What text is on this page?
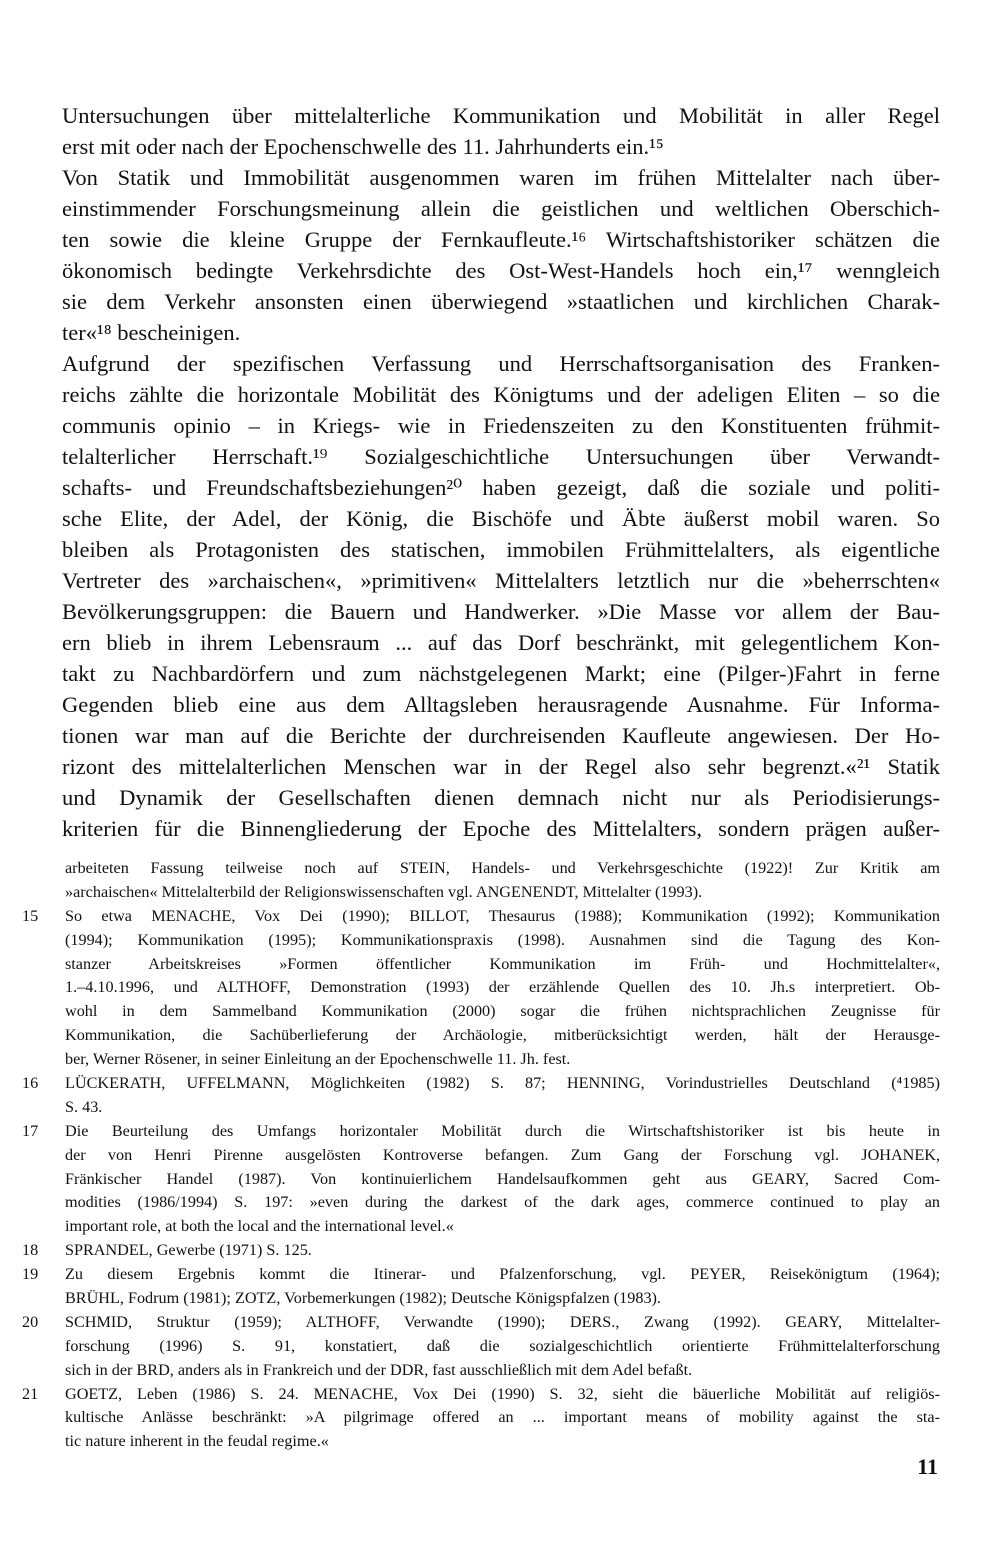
Untersuchungen über mittelalterliche Kommunikation und Mobilität in aller Regel
erst mit oder nach der Epochenschwelle des 11. Jahrhunderts ein.¹⁵
Von Statik und Immobilität ausgenommen waren im frühen Mittelalter nach über-
einstimmender Forschungsmeinung allein die geistlichen und weltlichen Oberschich-
ten sowie die kleine Gruppe der Fernkaufleute.¹⁶ Wirtschaftshistoriker schätzen die
ökonomisch bedingte Verkehrsdichte des Ost-West-Handels hoch ein,¹⁷ wenngleich
sie dem Verkehr ansonsten einen überwiegend »staatlichen und kirchlichen Charak-
ter«¹⁸ bescheinigen.
Aufgrund der spezifischen Verfassung und Herrschaftsorganisation des Franken-
reichs zählte die horizontale Mobilität des Königtums und der adeligen Eliten – so die
communis opinio – in Kriegs- wie in Friedenszeiten zu den Konstituenten frühmit-
telalterlicher Herrschaft.¹⁹ Sozialgeschichtliche Untersuchungen über Verwandt-
schafts- und Freundschaftsbeziehungen²⁰ haben gezeigt, daß die soziale und politi-
sche Elite, der Adel, der König, die Bischöfe und Äbte äußerst mobil waren. So
bleiben als Protagonisten des statischen, immobilen Frühmittelalters, als eigentliche
Vertreter des »archaischen«, »primitiven« Mittelalters letztlich nur die »beherrschten«
Bevölkerungsgruppen: die Bauern und Handwerker. »Die Masse vor allem der Bau-
ern blieb in ihrem Lebensraum ... auf das Dorf beschränkt, mit gelegentlichem Kon-
takt zu Nachbardörfern und zum nächstgelegenen Markt; eine (Pilger-)Fahrt in ferne
Gegenden blieb eine aus dem Alltagsleben herausragende Ausnahme. Für Informa-
tionen war man auf die Berichte der durchreisenden Kaufleute angewiesen. Der Ho-
rizont des mittelalterlichen Menschen war in der Regel also sehr begrenzt.«²¹ Statik
und Dynamik der Gesellschaften dienen demnach nicht nur als Periodisierungs-
kriterien für die Binnengliederung der Epoche des Mittelalters, sondern prägen außer-
arbeiteten Fassung teilweise noch auf STEIN, Handels- und Verkehrsgeschichte (1922)! Zur Kritik am
»archaischen« Mittelalterbild der Religionswissenschaften vgl. ANGENENDT, Mittelalter (1993).
15	So etwa MENACHE, Vox Dei (1990); BILLOT, Thesaurus (1988); Kommunikation (1992); Kommunikation
(1994); Kommunikation (1995); Kommunikationspraxis (1998). Ausnahmen sind die Tagung des Kon-
stanzer Arbeitskreises »Formen öffentlicher Kommunikation im Früh- und Hochmittelalter«,
1.–4.10.1996, und ALTHOFF, Demonstration (1993) der erzählende Quellen des 10. Jh.s interpretiert. Ob-
wohl in dem Sammelband Kommunikation (2000) sogar die frühen nichtsprachlichen Zeugnisse für
Kommunikation, die Sachüberlieferung der Archäologie, mitberücksichtigt werden, hält der Herausge-
ber, Werner Rösener, in seiner Einleitung an der Epochenschwelle 11. Jh. fest.
16	LÜCKERATH, UFFELMANN, Möglichkeiten (1982) S. 87; HENNING, Vorindustrielles Deutschland (⁴1985)
S. 43.
17	Die Beurteilung des Umfangs horizontaler Mobilität durch die Wirtschaftshistoriker ist bis heute in
der von Henri Pirenne ausgelösten Kontroverse befangen. Zum Gang der Forschung vgl. JOHANEK,
Fränkischer Handel (1987). Von kontinuierlichem Handelsaufkommen geht aus GEARY, Sacred Com-
modities (1986/1994) S. 197: »even during the darkest of the dark ages, commerce continued to play an
important role, at both the local and the international level.«
18	SPRANDEL, Gewerbe (1971) S. 125.
19	Zu diesem Ergebnis kommt die Itinerar- und Pfalzenforschung, vgl. PEYER, Reisekönigtum (1964);
BRÜHL, Fodrum (1981); ZOTZ, Vorbemerkungen (1982); Deutsche Königspfalzen (1983).
20	SCHMID, Struktur (1959); ALTHOFF, Verwandte (1990); DERS., Zwang (1992). GEARY, Mittelalter-
forschung (1996) S. 91, konstatiert, daß die sozialgeschichtlich orientierte Frühmittelalterforschung
sich in der BRD, anders als in Frankreich und der DDR, fast ausschließlich mit dem Adel befaßt.
21	GOETZ, Leben (1986) S. 24. MENACHE, Vox Dei (1990) S. 32, sieht die bäuerliche Mobilität auf religiös-
kultische Anlässe beschränkt: »A pilgrimage offered an ... important means of mobility against the sta-
tic nature inherent in the feudal regime.«
11
